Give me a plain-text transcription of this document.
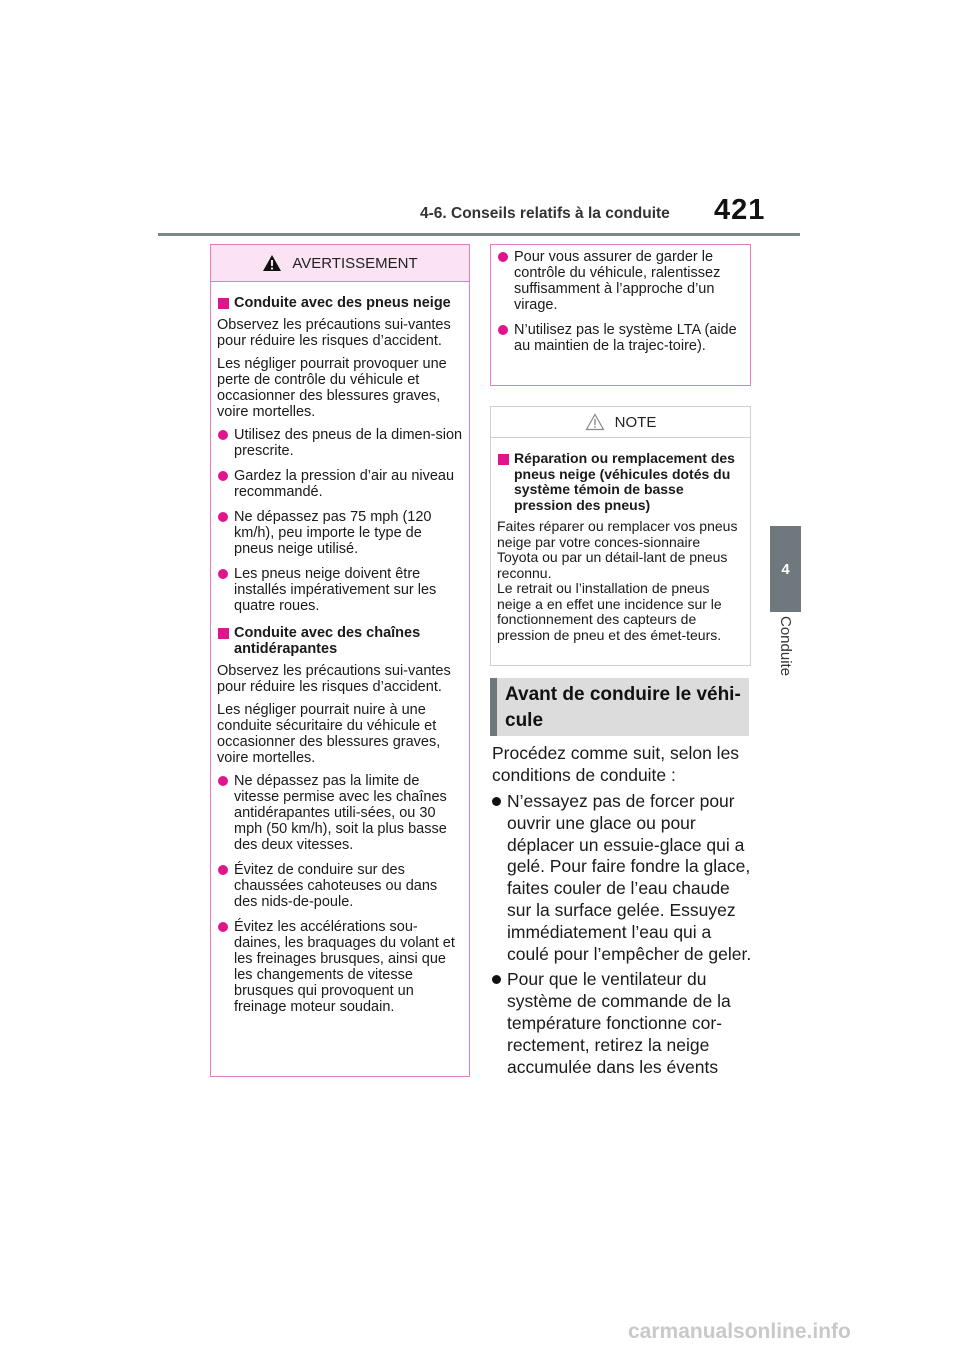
4-6. Conseils relatifs à la conduite 421
4
Conduite
AVERTISSEMENT
Conduite avec des pneus neige
Observez les précautions sui-vantes pour réduire les risques d’accident.
Les négliger pourrait provoquer une perte de contrôle du véhicule et occasionner des blessures graves, voire mortelles.
Utilisez des pneus de la dimen-sion prescrite.
Gardez la pression d’air au niveau recommandé.
Ne dépassez pas 75 mph (120 km/h), peu importe le type de pneus neige utilisé.
Les pneus neige doivent être installés impérativement sur les quatre roues.
Conduite avec des chaînes antidérapantes
Observez les précautions sui-vantes pour réduire les risques d’accident.
Les négliger pourrait nuire à une conduite sécuritaire du véhicule et occasionner des blessures graves, voire mortelles.
Ne dépassez pas la limite de vitesse permise avec les chaînes antidérapantes utili-sées, ou 30 mph (50 km/h), soit la plus basse des deux vitesses.
Évitez de conduire sur des chaussées cahoteuses ou dans des nids-de-poule.
Évitez les accélérations sou-daines, les braquages du volant et les freinages brusques, ainsi que les changements de vitesse brusques qui provoquent un freinage moteur soudain.
Pour vous assurer de garder le contrôle du véhicule, ralentissez suffisamment à l’approche d’un virage.
N’utilisez pas le système LTA (aide au maintien de la trajec-toire).
NOTE
Réparation ou remplacement des pneus neige (véhicules dotés du système témoin de basse pression des pneus)
Faites réparer ou remplacer vos pneus neige par votre conces-sionnaire Toyota ou par un détail-lant de pneus reconnu.
Le retrait ou l’installation de pneus neige a en effet une incidence sur le fonctionnement des capteurs de pression de pneu et des émet-teurs.
Avant de conduire le véhi-cule
Procédez comme suit, selon les conditions de conduite :
N’essayez pas de forcer pour ouvrir une glace ou pour déplacer un essuie-glace qui a gelé. Pour faire fondre la glace, faites couler de l’eau chaude sur la surface gelée. Essuyez immédiatement l’eau qui a coulé pour l’empêcher de geler.
Pour que le ventilateur du système de commande de la température fonctionne cor-rectement, retirez la neige accumulée dans les évents
carmanualsonline.info
